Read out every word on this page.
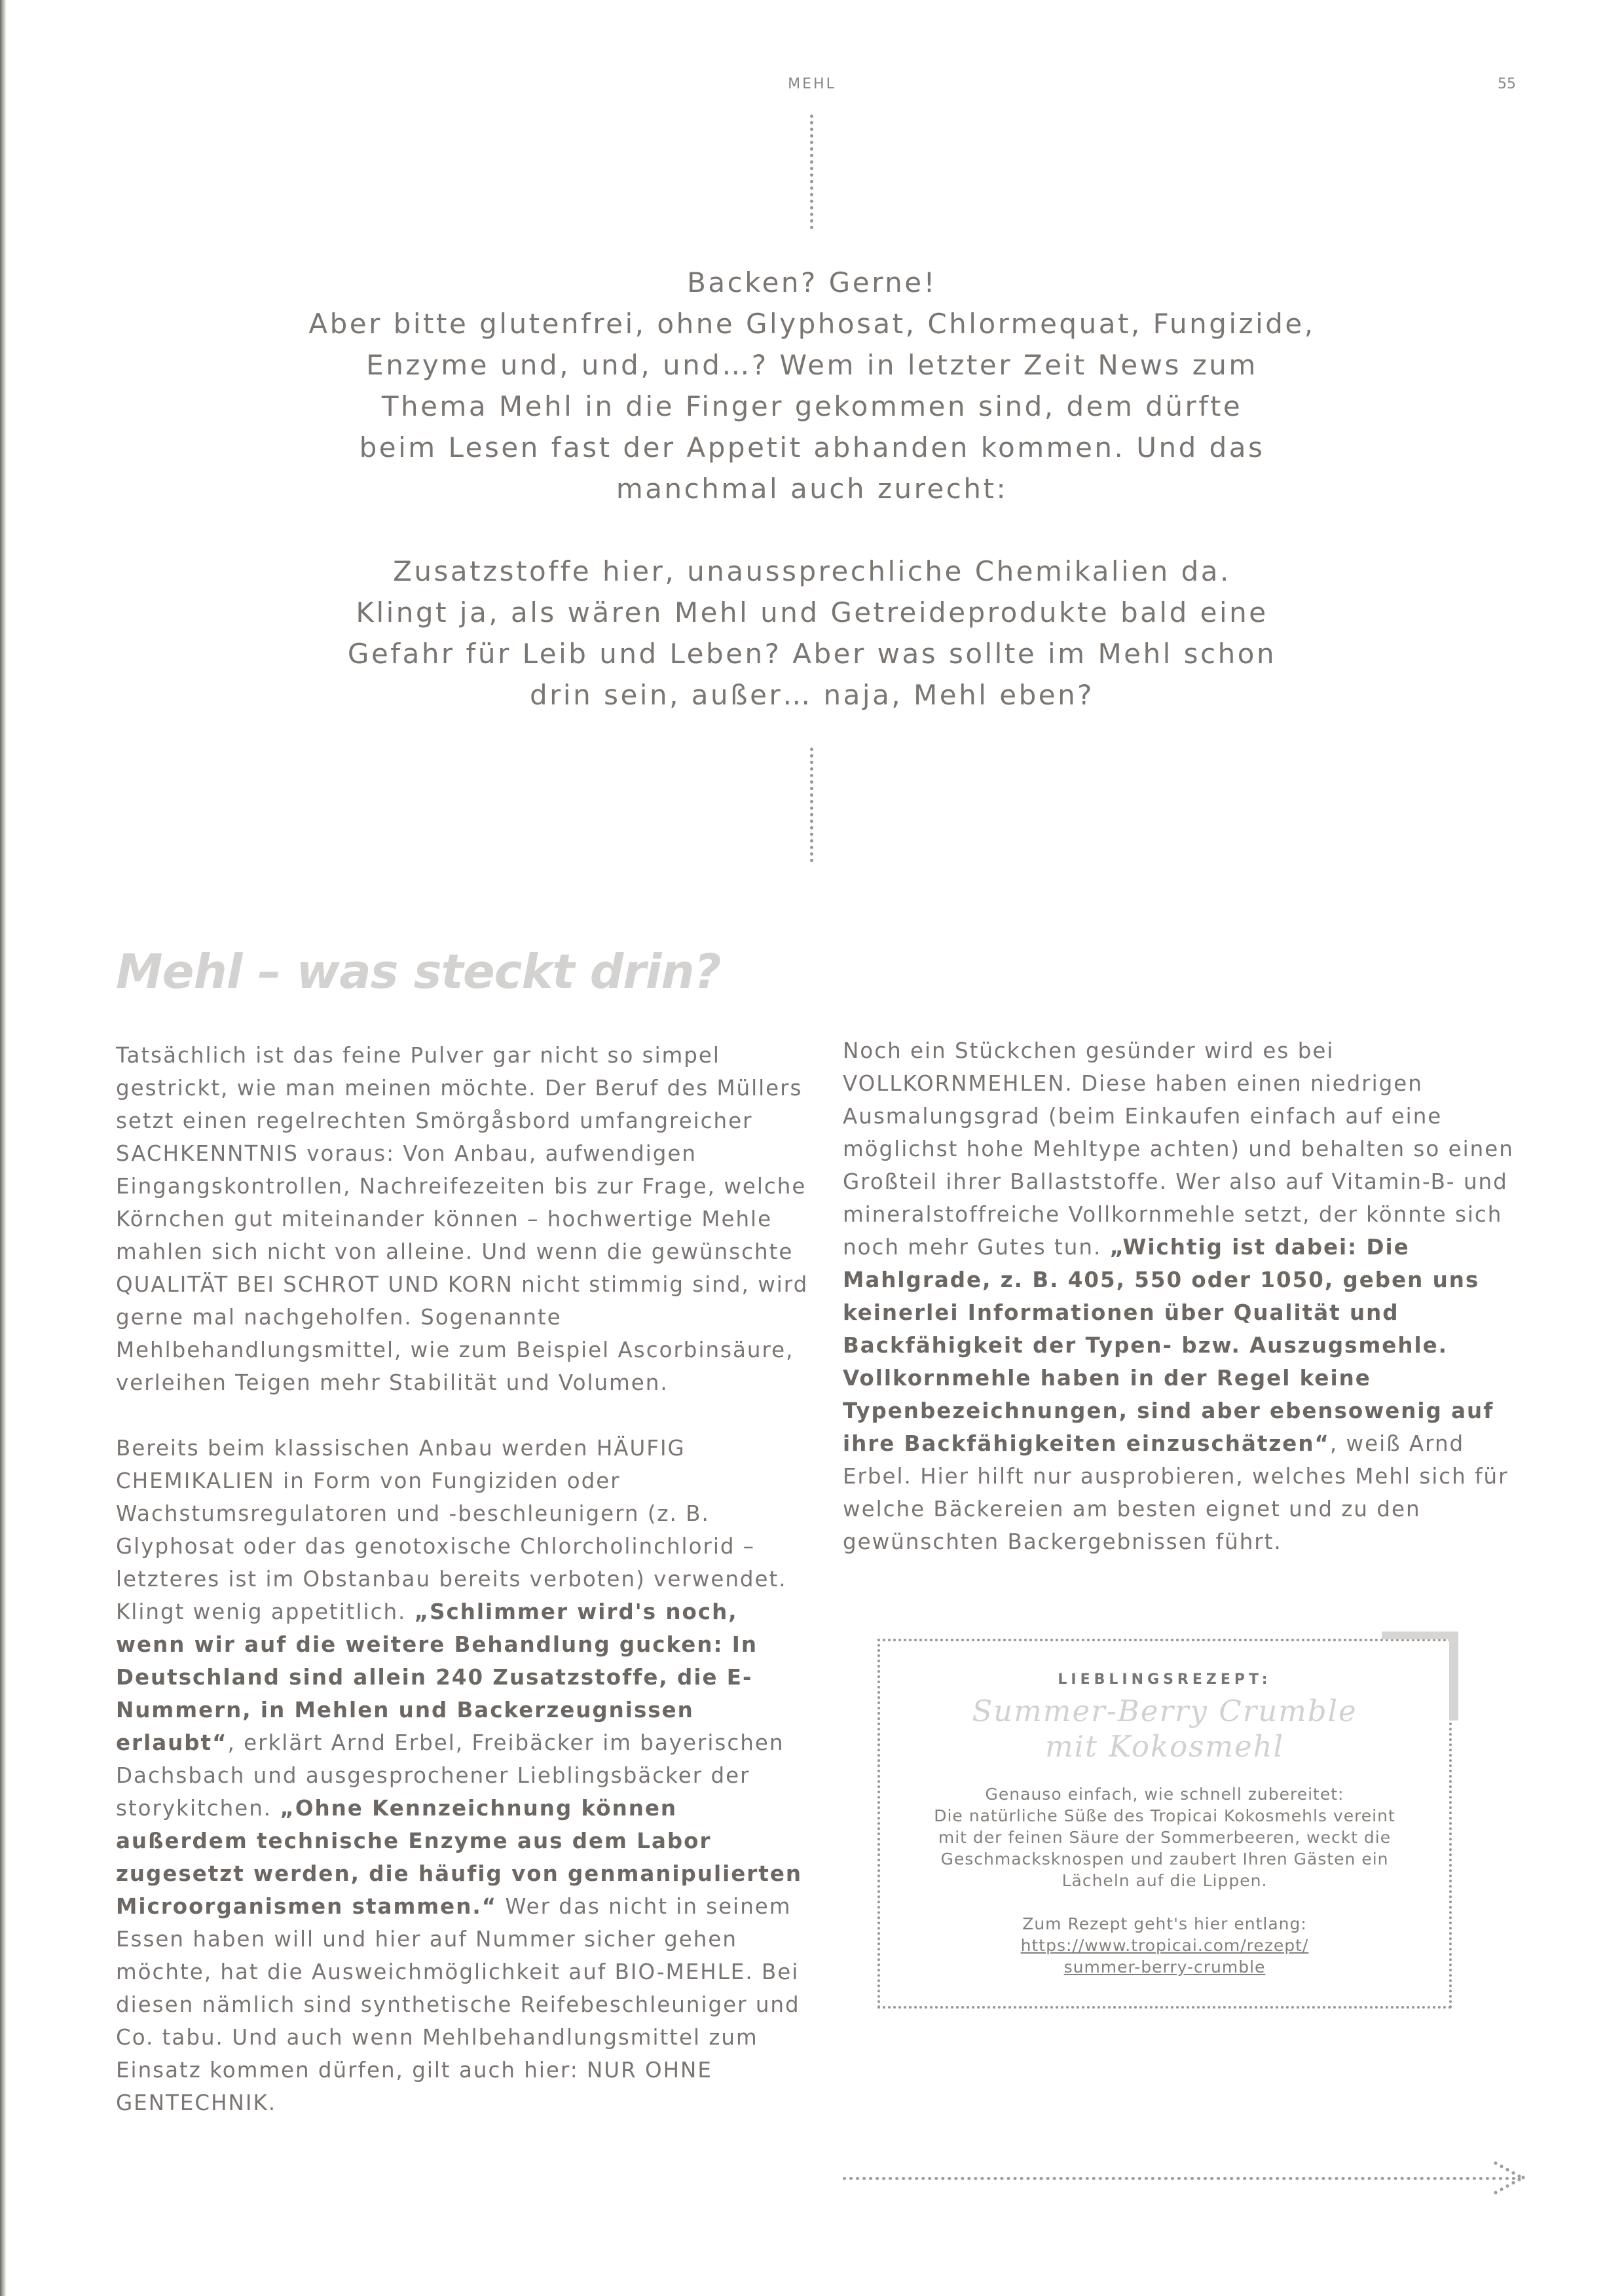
MEHL	55

Backen? Gerne!

Aber bitte glutenfrei, ohne Glyphosat, Chlormequat, Fungizide,

Enzyme und, und, und…? Wem in letzter Zeit News zum

Thema Mehl in die Finger gekommen sind, dem dürfte

beim Lesen fast der Appetit abhanden kommen. Und das

manchmal auch zurecht:

Zusatzstoffe hier, unaussprechliche Chemikalien da.

Klingt ja, als wären Mehl und Getreideprodukte bald eine

Gefahr für Leib und Leben? Aber was sollte im Mehl schon

drin sein, außer… naja, Mehl eben?

Mehl – was steckt drin?

Tatsächlich ist das feine Pulver gar nicht so simpel gestrickt, wie man meinen möchte. Der Beruf des Müllers setzt einen regelrechten Smörgåsbord umfangreicher SACHKENNTNIS voraus: Von Anbau, aufwendigen Eingangskontrollen, Nachreifezeiten bis zur Frage, welche Körnchen gut miteinander können – hochwertige Mehle mahlen sich nicht von alleine. Und wenn die gewünschte QUALITÄT BEI SCHROT UND KORN nicht stimmig sind, wird gerne mal nachgeholfen. Sogenannte Mehlbehandlungsmittel, wie zum Beispiel Ascorbinsäure, verleihen Teigen mehr Stabilität und Volumen.

Bereits beim klassischen Anbau werden HÄUFIG CHEMIKALIEN in Form von Fungiziden oder Wachstumsregulatoren und -beschleunigern (z. B. Glyphosat oder das genotoxische Chlorcholinchlorid – letzteres ist im Obstanbau bereits verboten) verwendet. Klingt wenig appetitlich. „Schlimmer wird's noch, wenn wir auf die weitere Behandlung gucken: In Deutschland sind allein 240 Zusatzstoffe, die E-Nummern, in Mehlen und Backerzeugnissen erlaubt“, erklärt Arnd Erbel, Freibäcker im bayerischen Dachsbach und ausgesprochener Lieblingsbäcker der storykitchen. „Ohne Kennzeichnung können außerdem technische Enzyme aus dem Labor zugesetzt werden, die häufig von genmanipulierten Microorganismen stammen.“ Wer das nicht in seinem Essen haben will und hier auf Nummer sicher gehen möchte, hat die Ausweichmöglichkeit auf BIO-MEHLE. Bei diesen nämlich sind synthetische Reifebeschleuniger und Co. tabu. Und auch wenn Mehlbehandlungsmittel zum Einsatz kommen dürfen, gilt auch hier: NUR OHNE GENTECHNIK.

Noch ein Stückchen gesünder wird es bei VOLLKORNMEHLEN. Diese haben einen niedrigen Ausmalungsgrad (beim Einkaufen einfach auf eine möglichst hohe Mehltype achten) und behalten so einen Großteil ihrer Ballaststoffe. Wer also auf Vitamin-B- und mineralstoffreiche Vollkornmehle setzt, der könnte sich noch mehr Gutes tun. „Wichtig ist dabei: Die Mahlgrade, z. B. 405, 550 oder 1050, geben uns keinerlei Informationen über Qualität und Backfähigkeit der Typen- bzw. Auszugsmehle. Vollkornmehle haben in der Regel keine Typenbezeichnungen, sind aber ebensowenig auf ihre Backfähigkeiten einzuschätzen“, weiß Arnd Erbel. Hier hilft nur ausprobieren, welches Mehl sich für welche Bäckereien am besten eignet und zu den gewünschten Backergebnissen führt.

LIEBLINGSREZEPT:
Summer-Berry Crumble
mit Kokosmehl

Genauso einfach, wie schnell zubereitet:
Die natürliche Süße des Tropicai Kokosmehls vereint
mit der feinen Säure der Sommerbeeren, weckt die
Geschmacksknospen und zaubert Ihren Gästen ein
Lächeln auf die Lippen.

Zum Rezept geht's hier entlang:
https://www.tropicai.com/rezept/
summer-berry-crumble
